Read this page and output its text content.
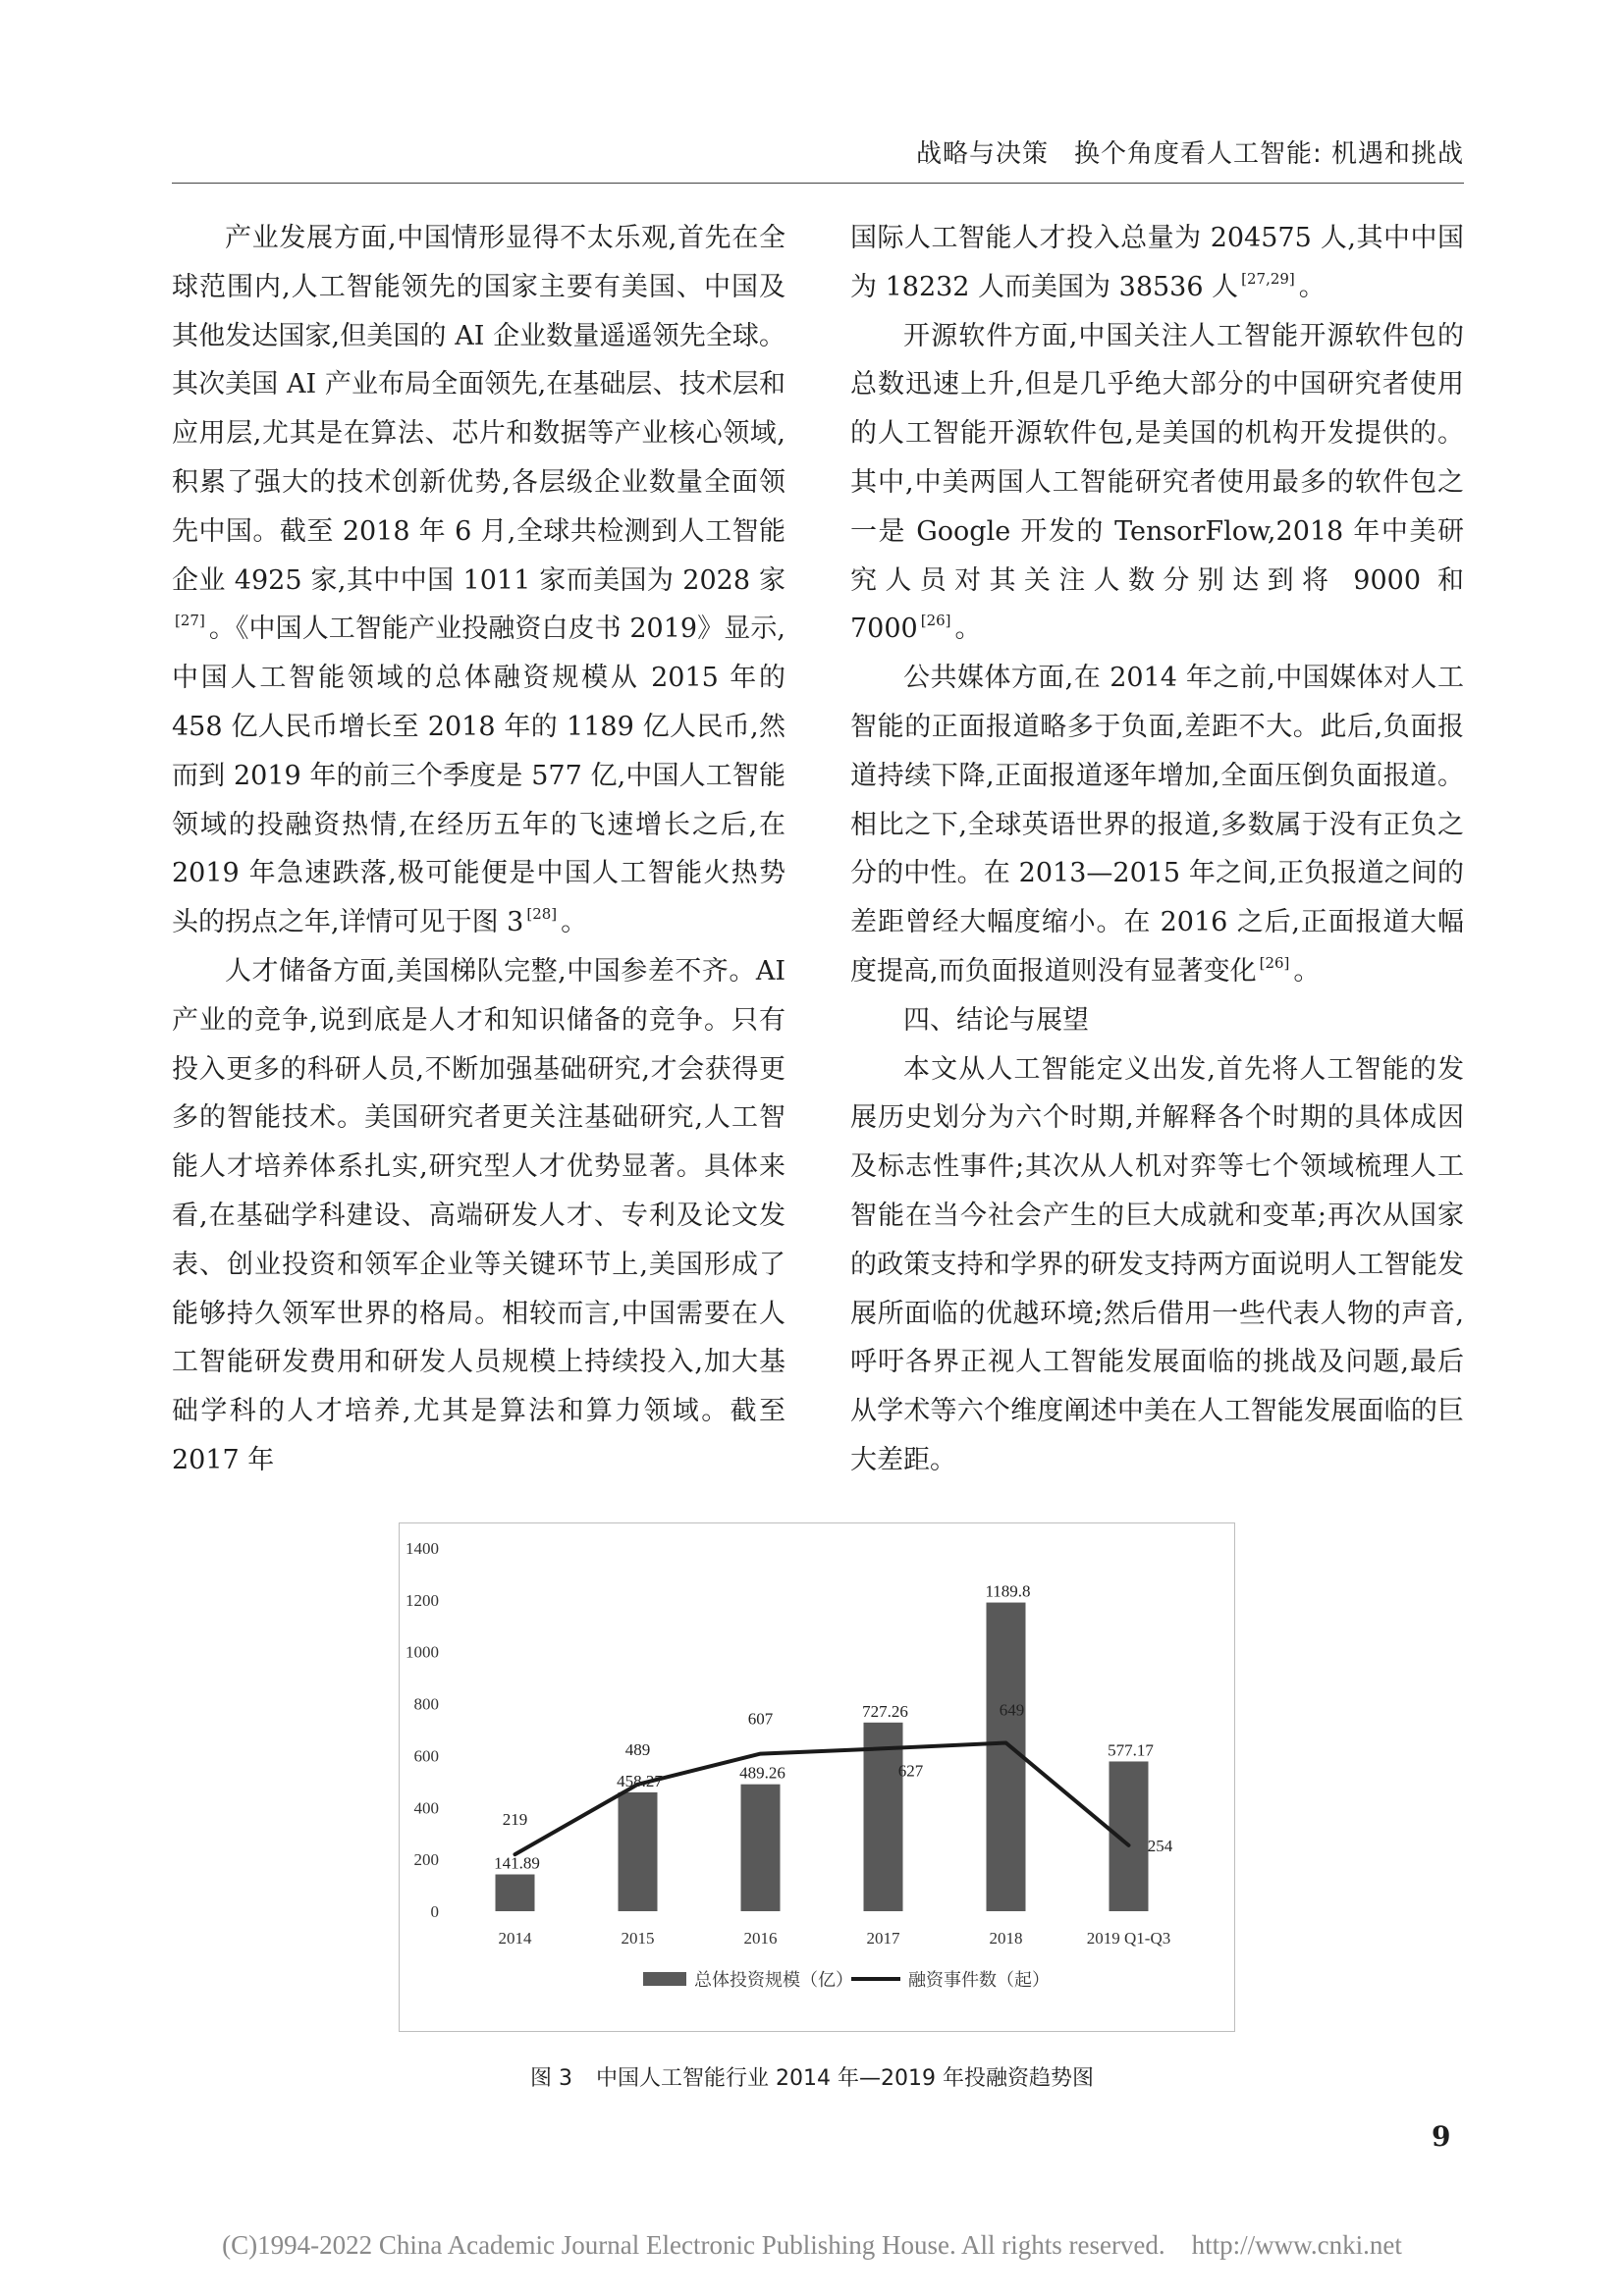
战略与决策 换个角度看人工智能: 机遇和挑战

产业发展方面,中国情形显得不太乐观,首先在全球范围内,人工智能领先的国家主要有美国、中国及其他发达国家,但美国的 AI 企业数量遥遥领先全球。其次美国 AI 产业布局全面领先,在基础层、技术层和应用层,尤其是在算法、芯片和数据等产业核心领域,积累了强大的技术创新优势,各层级企业数量全面领先中国。截至 2018 年 6 月,全球共检测到人工智能企业 4925 家,其中中国 1011 家而美国为 2028 家[27] 。《中国人工智能产业投融资白皮书 2019》显示,中国人工智能领域的总体融资规模从 2015 年的 458 亿人民币增长至 2018 年的 1189 亿人民币,然而到 2019 年的前三个季度是 577 亿,中国人工智能领域的投融资热情,在经历五年的飞速增长之后,在 2019 年急速跌落,极可能便是中国人工智能火热势头的拐点之年,详情可见于图 3 [28] 。

人才储备方面,美国梯队完整,中国参差不齐。AI 产业的竞争,说到底是人才和知识储备的竞争。只有投入更多的科研人员,不断加强基础研究,才会获得更多的智能技术。美国研究者更关注基础研究,人工智能人才培养体系扎实,研究型人才优势显著。具体来看,在基础学科建设、高端研发人才、专利及论文发表、创业投资和领军企业等关键环节上,美国形成了能够持久领军世界的格局。相较而言,中国需要在人工智能研发费用和研发人员规模上持续投入,加大基础学科的人才培养,尤其是算法和算力领域。截至 2017 年

国际人工智能人才投入总量为 204575 人,其中中国为 18232 人而美国为 38536 人 [27,29] 。

开源软件方面,中国关注人工智能开源软件包的总数迅速上升,但是几乎绝大部分的中国研究者使用的人工智能开源软件包,是美国的机构开发提供的。其中,中美两国人工智能研究者使用最多的软件包之一是 Google 开发的 TensorFlow,2018 年中美研究人员对其关注人数分别达到将 9000 和 7000 [26] 。

公共媒体方面,在 2014 年之前,中国媒体对人工智能的正面报道略多于负面,差距不大。此后,负面报道持续下降,正面报道逐年增加,全面压倒负面报道。相比之下,全球英语世界的报道,多数属于没有正负之分的中性。在 2013—2015 年之间,正负报道之间的差距曾经大幅度缩小。在 2016 之后,正面报道大幅度提高,而负面报道则没有显著变化 [26] 。

四、结论与展望

本文从人工智能定义出发,首先将人工智能的发展历史划分为六个时期,并解释各个时期的具体成因及标志性事件;其次从人机对弈等七个领域梳理人工智能在当今社会产生的巨大成就和变革;再次从国家的政策支持和学界的研发支持两方面说明人工智能发展所面临的优越环境;然后借用一些代表人物的声音,呼吁各界正视人工智能发展面临的挑战及问题,最后从学术等六个维度阐述中美在人工智能发展面临的巨大差距。

0
200
400
600
800
1000
1200
1400
2014	2015	2016	2017	2018	2019 Q1-Q3
141.89
458.27	489.26
727.26
1189.8
577.17
219
489
607
627
649
254
总体投资规模（亿）	融资事件数（起）
图 3 中国人工智能行业 2014 年—2019 年投融资趋势图
9
(C)1994-2022 China Academic Journal Electronic Publishing House. All rights reserved. http://www.cnki.net
